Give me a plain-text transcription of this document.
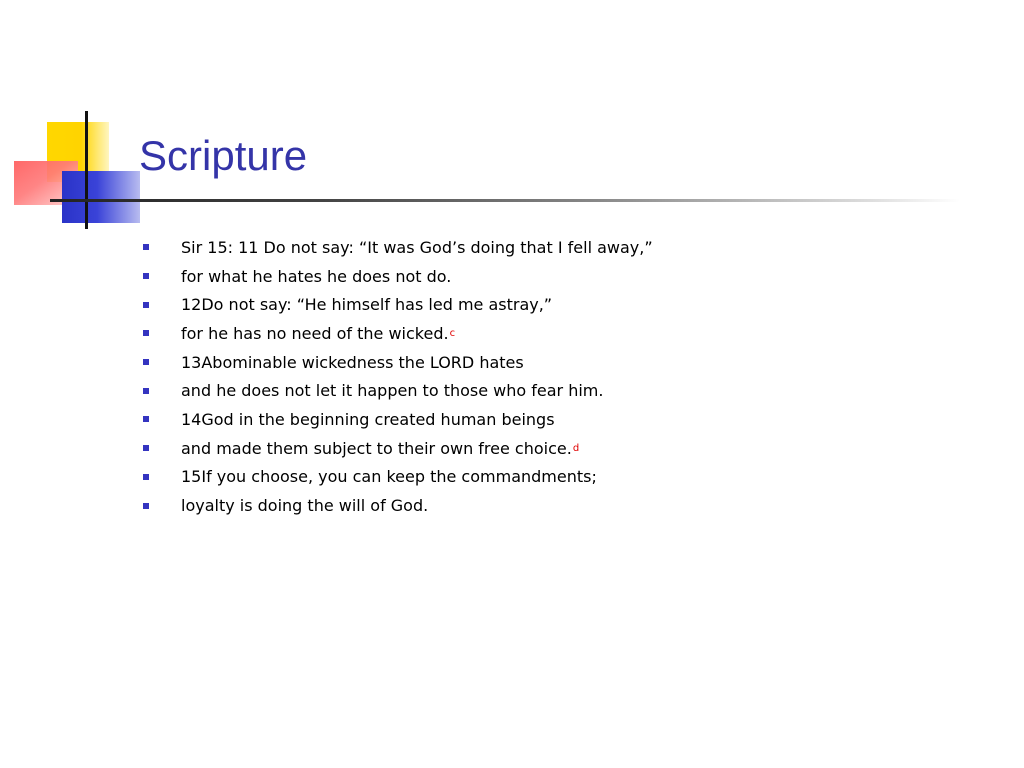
Scripture
Sir 15: 11 Do not say: “It was God’s doing that I fell away,”
for what he hates he does not do.
12Do not say: “He himself has led me astray,”
for he has no need of the wicked. c
13Abominable wickedness the LORD hates
and he does not let it happen to those who fear him.
14God in the beginning created human beings
and made them subject to their own free choice. d
15If you choose, you can keep the commandments;
loyalty is doing the will of God.
